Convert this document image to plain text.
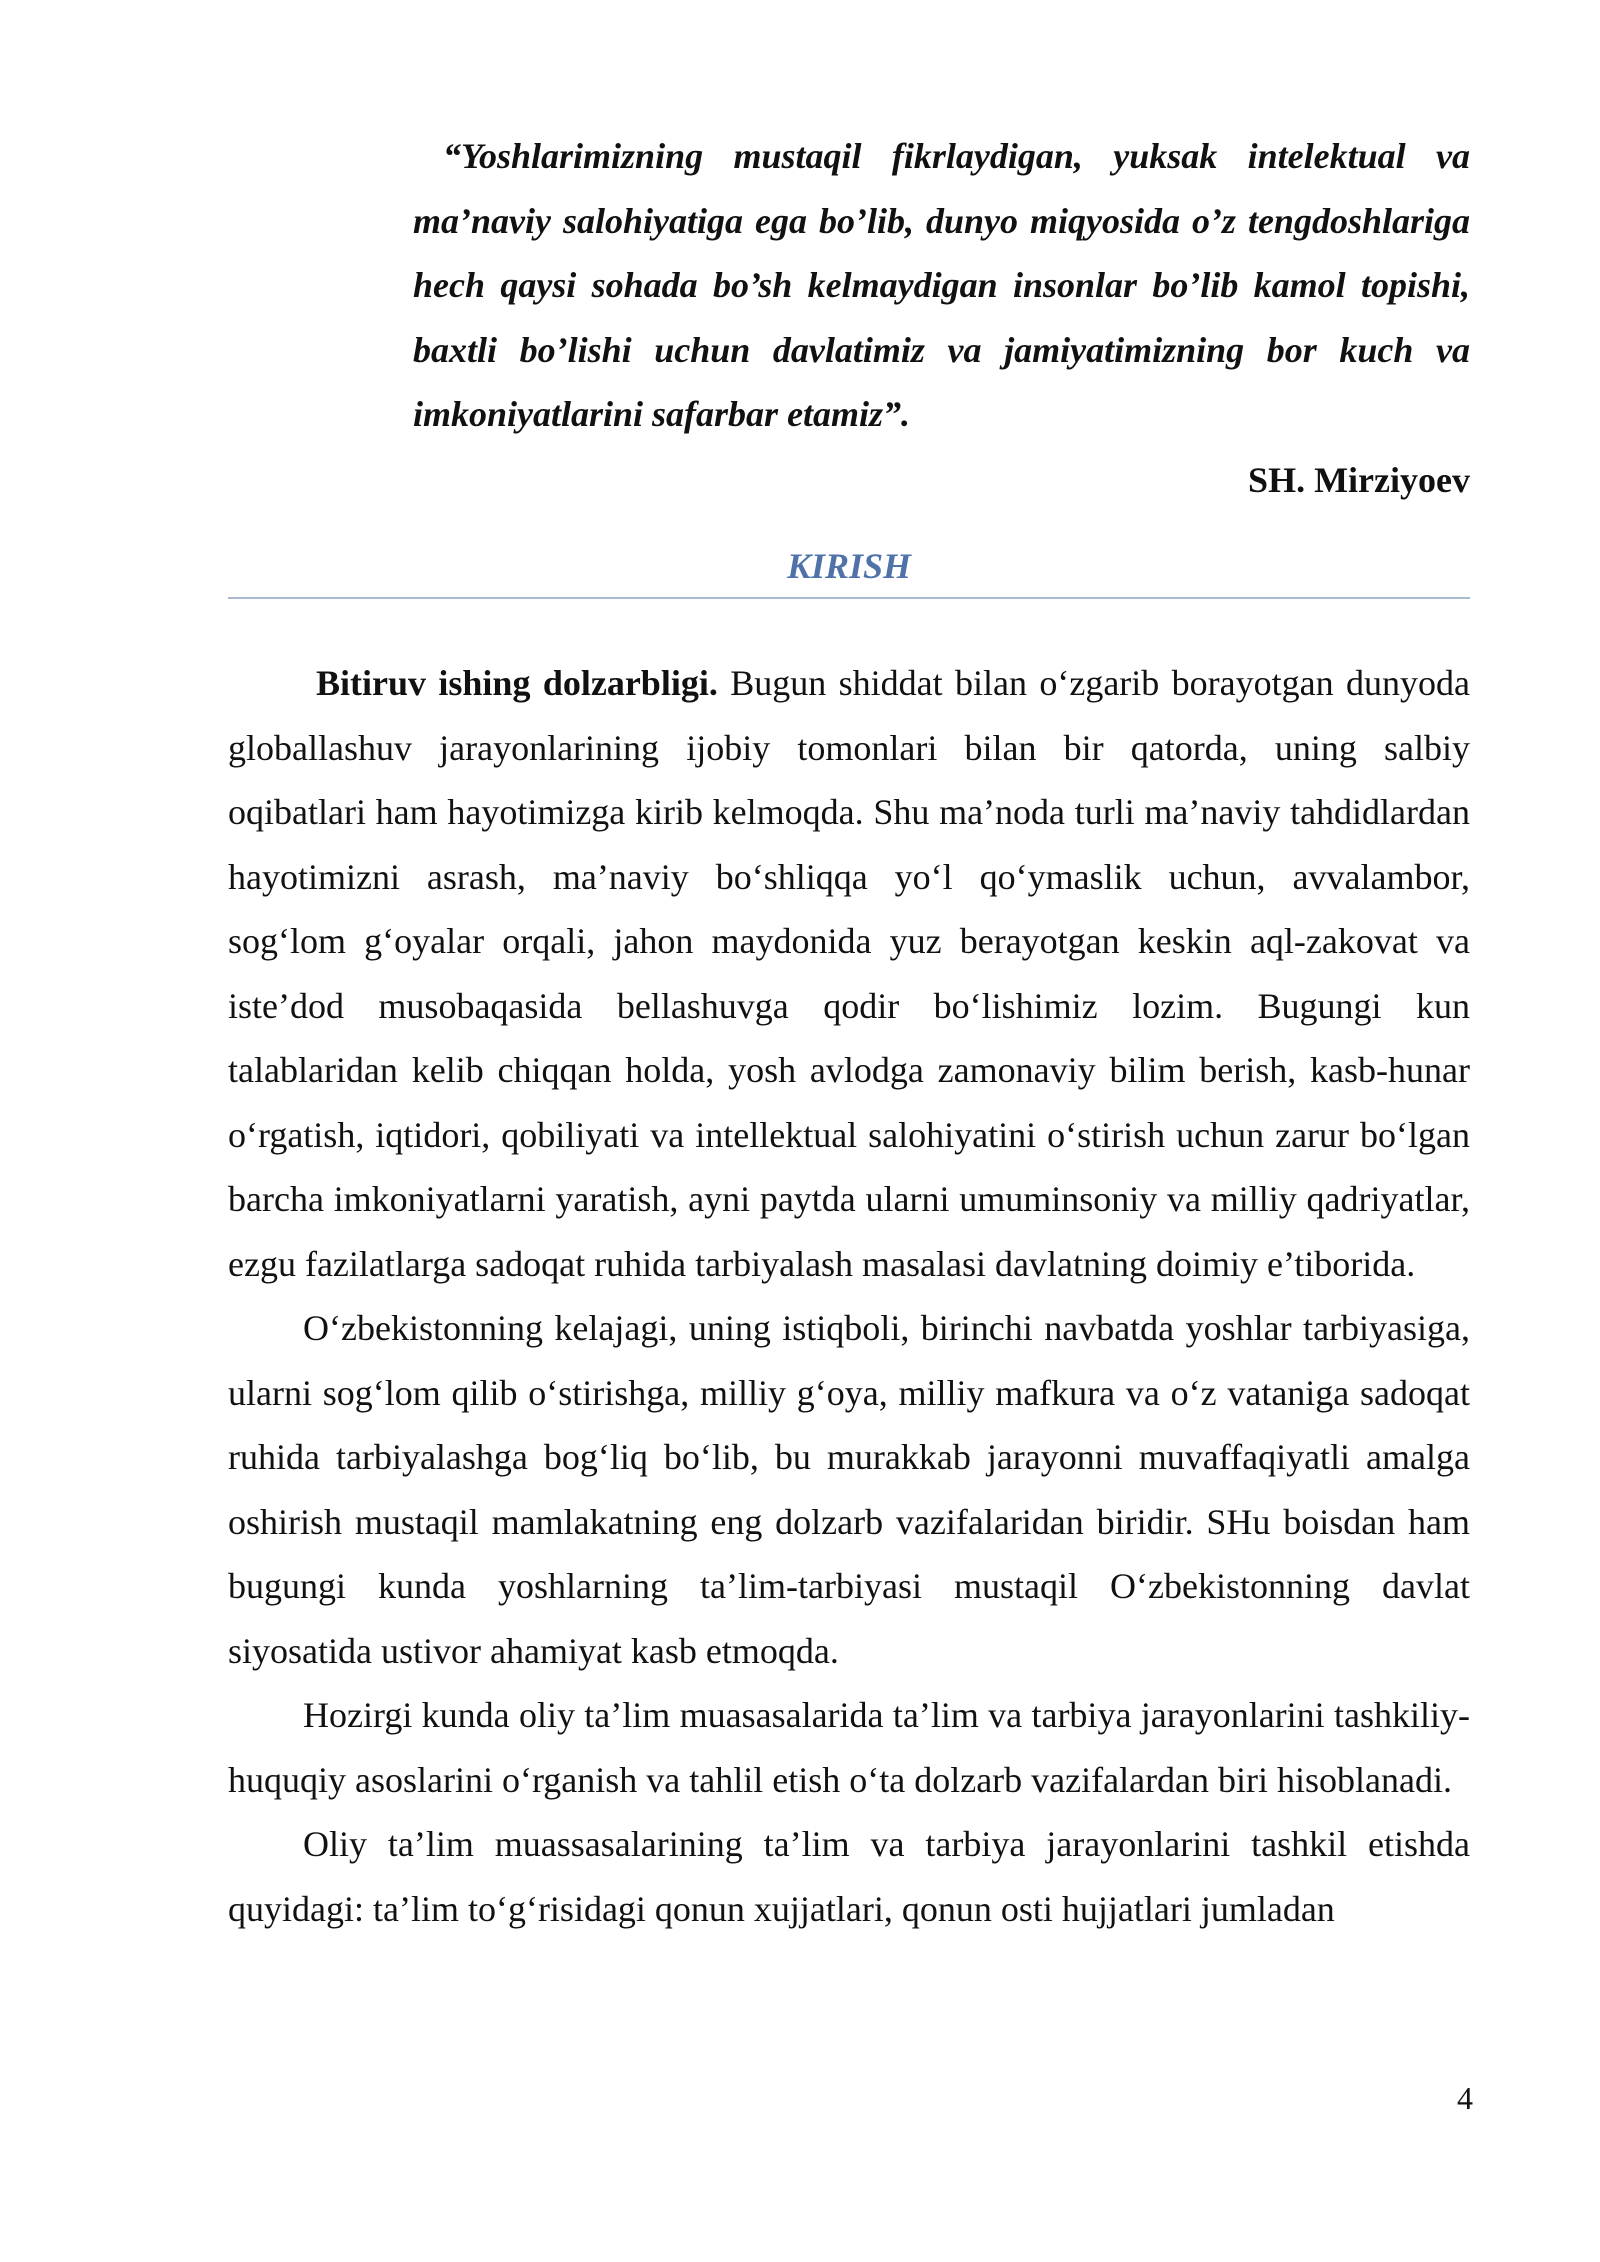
“Yoshlarimizning mustaqil fikrlaydigan, yuksak intelektual va ma’naviy salohiyatiga ega bo’lib, dunyo miqyosida o’z tengdoshlariga hech qaysi sohada bo’sh kelmaydigan insonlar bo’lib kamol topishi, baxtli bo’lishi uchun davlatimiz va jamiyatimizning bor kuch va imkoniyatlarini safarbar etamiz”.

SH. Mirziyoev

KIRISH

Bitiruv ishing dolzarbligi. Bugun shiddat bilan o‘zgarib borayotgan dunyoda globallashuv jarayonlarining ijobiy tomonlari bilan bir qatorda, uning salbiy oqibatlari ham hayotimizga kirib kelmoqda. Shu ma’noda turli ma’naviy tahdidlardan hayotimizni asrash, ma’naviy bo‘shliqqa yo‘l qo‘ymaslik uchun, avvalambor, sog‘lom g‘oyalar orqali, jahon maydonida yuz berayotgan keskin aql-zakovat va iste’dod musobaqasida bellashuvga qodir bo‘lishimiz lozim. Bugungi kun talablaridan kelib chiqqan holda, yosh avlodga zamonaviy bilim berish, kasb-hunar o‘rgatish, iqtidori, qobiliyati va intellektual salohiyatini o‘stirish uchun zarur bo‘lgan barcha imkoniyatlarni yaratish, ayni paytda ularni umuminsoniy va milliy qadriyatlar, ezgu fazilatlarga sadoqat ruhida tarbiyalash masalasi davlatning doimiy e’tiborida.

O‘zbekistonning kelajagi, uning istiqboli, birinchi navbatda yoshlar tarbiyasiga, ularni sog‘lom qilib o‘stirishga, milliy g‘oya, milliy mafkura va o‘z vataniga sadoqat ruhida tarbiyalashga bog‘liq bo‘lib, bu murakkab jarayonni muvaffaqiyatli amalga oshirish mustaqil mamlakatning eng dolzarb vazifalaridan biridir. SHu boisdan ham bugungi kunda yoshlarning ta’lim-tarbiyasi mustaqil O‘zbekistonning davlat siyosatida ustivor ahamiyat kasb etmoqda.

Hozirgi kunda oliy ta’lim muasasalarida ta’lim va tarbiya jarayonlarini tashkiliy-huquqiy asoslarini o‘rganish va tahlil etish o‘ta dolzarb vazifalardan biri hisoblanadi.

Oliy ta’lim muassasalarining ta’lim va tarbiya jarayonlarini tashkil etishda quyidagi: ta’lim to‘g‘risidagi qonun xujjatlari, qonun osti hujjatlari jumladan

4
